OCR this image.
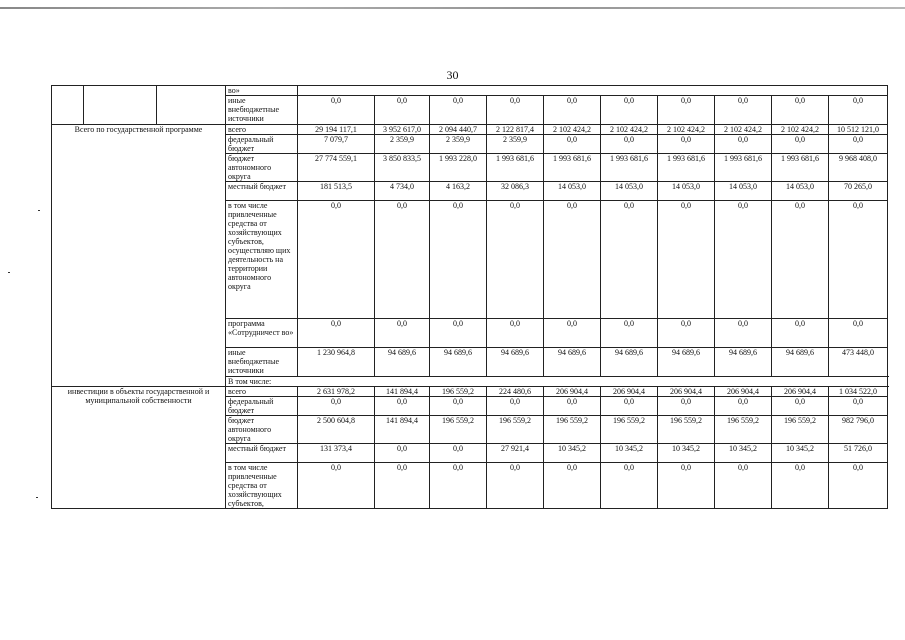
30
			во»										
			иные внебюджетные источники	0,0	0,0	0,0	0,0	0,0	0,0	0,0	0,0	0,0	0,0
Всего по государственной программе			всего	29 194 117,1	3 952 617,0	2 094 440,7	2 122 817,4	2 102 424,2	2 102 424,2	2 102 424,2	2 102 424,2	2 102 424,2	10 512 121,0
			федеральный бюджет	7 079,7	2 359,9	2 359,9	2 359,9	0,0	0,0	0,0	0,0	0,0	0,0
			бюджет автономного округа	27 774 559,1	3 850 833,5	1 993 228,0	1 993 681,6	1 993 681,6	1 993 681,6	1 993 681,6	1 993 681,6	1 993 681,6	9 968 408,0
			местный бюджет	181 513,5	4 734,0	4 163,2	32 086,3	14 053,0	14 053,0	14 053,0	14 053,0	14 053,0	70 265,0
			в том числе привлеченные средства от хозяйствующих субъектов, осуществляю щих деятельность на территории автономного округа	0,0	0,0	0,0	0,0	0,0	0,0	0,0	0,0	0,0	0,0
			программа «Сотрудничест во»	0,0	0,0	0,0	0,0	0,0	0,0	0,0	0,0	0,0	0,0
			иные внебюджетные источники	1 230 964,8	94 689,6	94 689,6	94 689,6	94 689,6	94 689,6	94 689,6	94 689,6	94 689,6	473 448,0
			В том числе:										
инвестиции в объекты государственной и муниципальной собственности			всего	2 631 978,2	141 894,4	196 559,2	224 480,6	206 904,4	206 904,4	206 904,4	206 904,4	206 904,4	1 034 522,0
			федеральный бюджет	0,0	0,0	0,0	0,0	0,0	0,0	0,0	0,0	0,0	0,0
			бюджет автономного округа	2 500 604,8	141 894,4	196 559,2	196 559,2	196 559,2	196 559,2	196 559,2	196 559,2	196 559,2	982 796,0
			местный бюджет	131 373,4	0,0	0,0	27 921,4	10 345,2	10 345,2	10 345,2	10 345,2	10 345,2	51 726,0
			в том числе привлеченные средства от хозяйствующих субъектов,	0,0	0,0	0,0	0,0	0,0	0,0	0,0	0,0	0,0	0,0
